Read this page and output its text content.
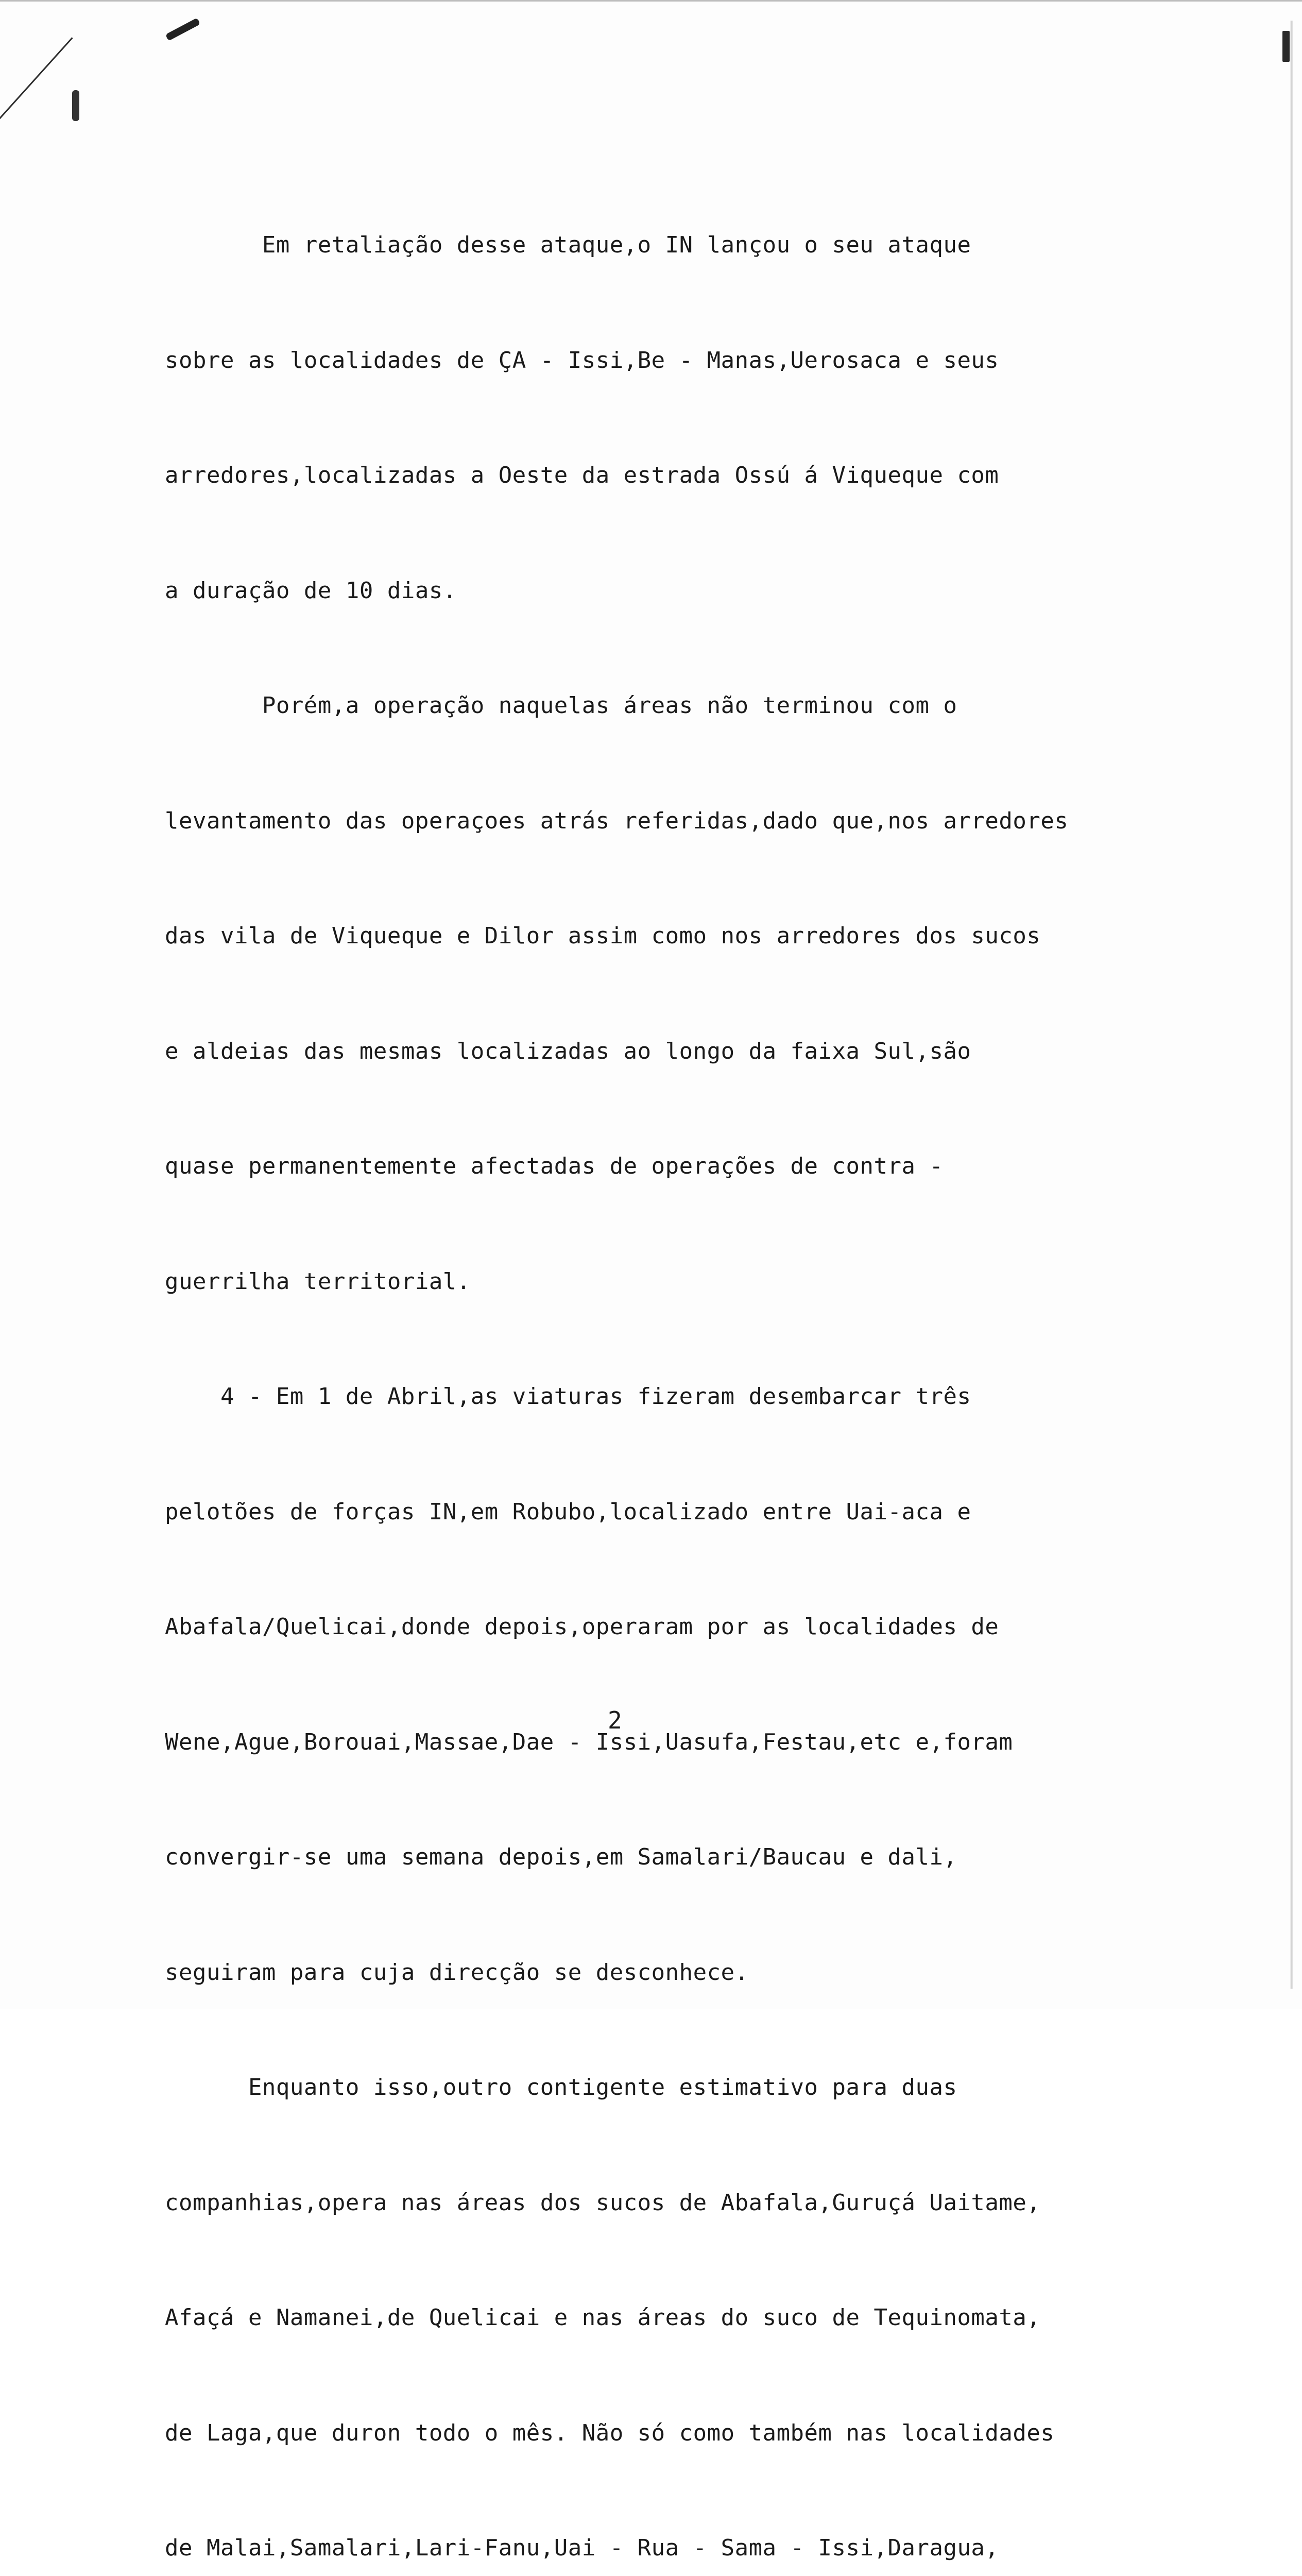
Em retaliação desse ataque,o IN lançou o seu ataque

sobre as localidades de ÇA - Issi,Be - Manas,Uerosaca e seus

arredores,localizadas a Oeste da estrada Ossú á Viqueque com

a duração de 10 dias.

Porém,a operação naquelas áreas não terminou com o

levantamento das operaçoes atrás referidas,dado que,nos arredores

das vila de Viqueque e Dilor assim como nos arredores dos sucos

e aldeias das mesmas localizadas ao longo da faixa Sul,são

quase permanentemente afectadas de operações de contra -

guerrilha territorial.

4 - Em 1 de Abril,as viaturas fizeram desembarcar três

pelotões de forças IN,em Robubo,localizado entre Uai-aca e

Abafala/Quelicai,donde depois,operaram por as localidades de

Wene,Ague,Borouai,Massae,Dae - Issi,Uasufa,Festau,etc e,foram

convergir-se uma semana depois,em Samalari/Baucau e dali,

seguiram para cuja direcção se desconhece.

Enquanto isso,outro contigente estimativo para duas

companhias,opera nas áreas dos sucos de Abafala,Guruçá Uaitame,

Afaçá e Namanei,de Quelicai e nas áreas do suco de Tequinomata,

de Laga,que duron todo o mês. Não só como também nas localidades

de Malai,Samalari,Lari-Fanu,Uai - Rua - Sama - Issi,Daragua,

2
